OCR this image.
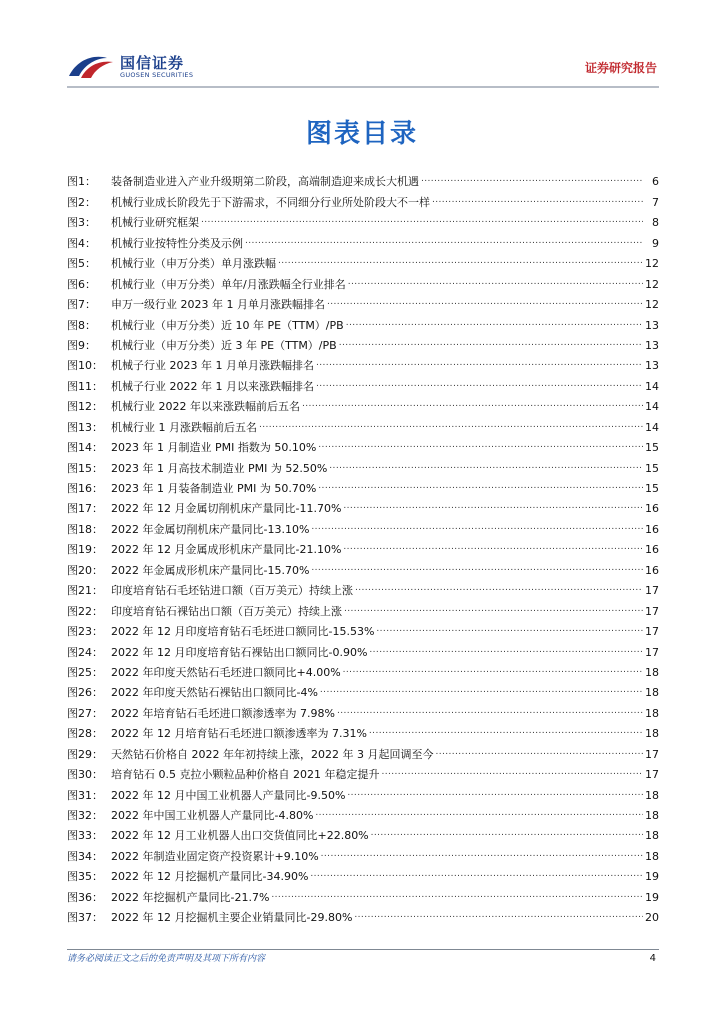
国信证券
GUOSEN SECURITIES	证券研究报告
图表目录
图1：	装备制造业进入产业升级期第二阶段，高端制造迎来成长大机遇 .....	6
图2：	机械行业成长阶段先于下游需求，不同细分行业所处阶段大不一样 .....	7
图3：	机械行业研究框架 .....	8
图4：	机械行业按特性分类及示例 .....	9
图5：	机械行业（申万分类）单月涨跌幅 .....	12
图6：	机械行业（申万分类）单年/月涨跌幅全行业排名 .....	12
图7：	申万一级行业 2023 年 1 月单月涨跌幅排名 .....	12
图8：	机械行业（申万分类）近 10 年 PE（TTM）/PB .....	13
图9：	机械行业（申万分类）近 3 年 PE（TTM）/PB .....	13
图10： 机械子行业 2023 年 1 月单月涨跌幅排名 .....	13
图11： 机械子行业 2022 年 1 月以来涨跌幅排名 .....	14
图12： 机械行业 2022 年以来涨跌幅前后五名 .....	14
图13： 机械行业 1 月涨跌幅前后五名 .....	14
图14： 2023 年 1 月制造业 PMI 指数为 50.10% .....	15
图15： 2023 年 1 月高技术制造业 PMI 为 52.50% .....	15
图16： 2023 年 1 月装备制造业 PMI 为 50.70% .....	15
图17： 2022 年 12 月金属切削机床产量同比-11.70% .....	16
图18： 2022 年金属切削机床产量同比-13.10% .....	16
图19： 2022 年 12 月金属成形机床产量同比-21.10% .....	16
图20： 2022 年金属成形机床产量同比-15.70% .....	16
图21： 印度培育钻石毛坯钻进口额（百万美元）持续上涨 .....	17
图22： 印度培育钻石裸钻出口额（百万美元）持续上涨 .....	17
图23： 2022 年 12 月印度培育钻石毛坯进口额同比-15.53% .....	17
图24： 2022 年 12 月印度培育钻石裸钻出口额同比-0.90% .....	17
图25： 2022 年印度天然钻石毛坯进口额同比+4.00% .....	18
图26： 2022 年印度天然钻石裸钻出口额同比-4% .....	18
图27： 2022 年培育钻石毛坯进口额渗透率为 7.98% .....	18
图28： 2022 年 12 月培育钻石毛坯进口额渗透率为 7.31% .....	18
图29： 天然钻石价格自 2022 年年初持续上涨，2022 年 3 月起回调至今 .....	17
图30： 培育钻石 0.5 克拉小颗粒品种价格自 2021 年稳定提升 .....	17
图31： 2022 年 12 月中国工业机器人产量同比-9.50% .....	18
图32： 2022 年中国工业机器人产量同比-4.80% .....	18
图33： 2022 年 12 月工业机器人出口交货值同比+22.80% .....	18
图34： 2022 年制造业固定资产投资累计+9.10% .....	18
图35： 2022 年 12 月挖掘机产量同比-34.90% .....	19
图36： 2022 年挖掘机产量同比-21.7% .....	19
图37： 2022 年 12 月挖掘机主要企业销量同比-29.80% .....	20
请务必阅读正文之后的免责声明及其项下所有内容	4
